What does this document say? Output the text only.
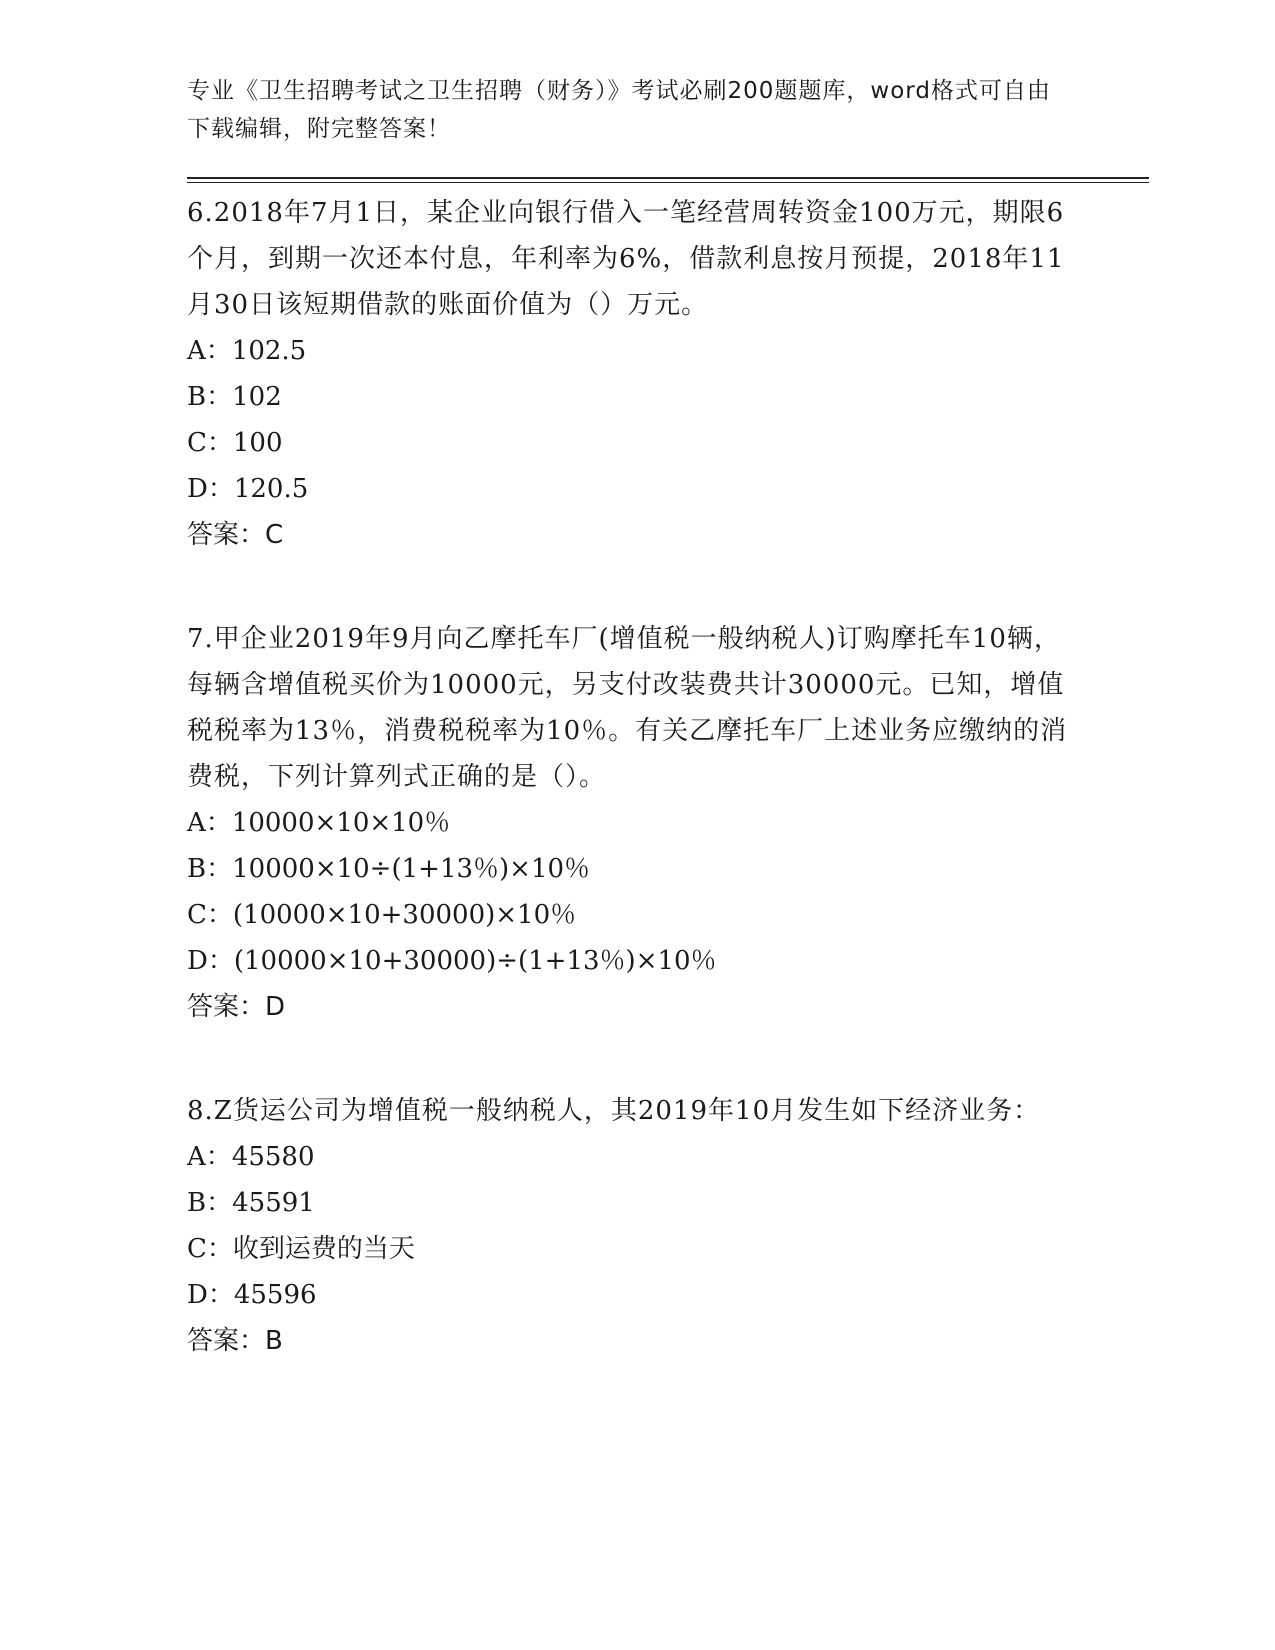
专业《卫生招聘考试之卫生招聘（财务）》考试必刷200题题库，word格式可自由下载编辑，附完整答案！

6.2018年7月1日，某企业向银行借入一笔经营周转资金100万元，期限6个月，到期一次还本付息，年利率为6%，借款利息按月预提，2018年11月30日该短期借款的账面价值为（）万元。

A：102.5

B：102

C：100

D：120.5

答案：C

7.甲企业2019年9月向乙摩托车厂(增值税一般纳税人)订购摩托车10辆，每辆含增值税买价为10000元，另支付改装费共计30000元。已知，增值税税率为13％，消费税税率为10％。有关乙摩托车厂上述业务应缴纳的消费税，下列计算列式正确的是（）。

A：10000×10×10％

B：10000×10÷(1+13％)×10％

C：(10000×10+30000)×10％

D：(10000×10+30000)÷(1+13％)×10％

答案：D

8.Z货运公司为增值税一般纳税人，其2019年10月发生如下经济业务：

A：45580

B：45591

C：收到运费的当天

D：45596

答案：B
